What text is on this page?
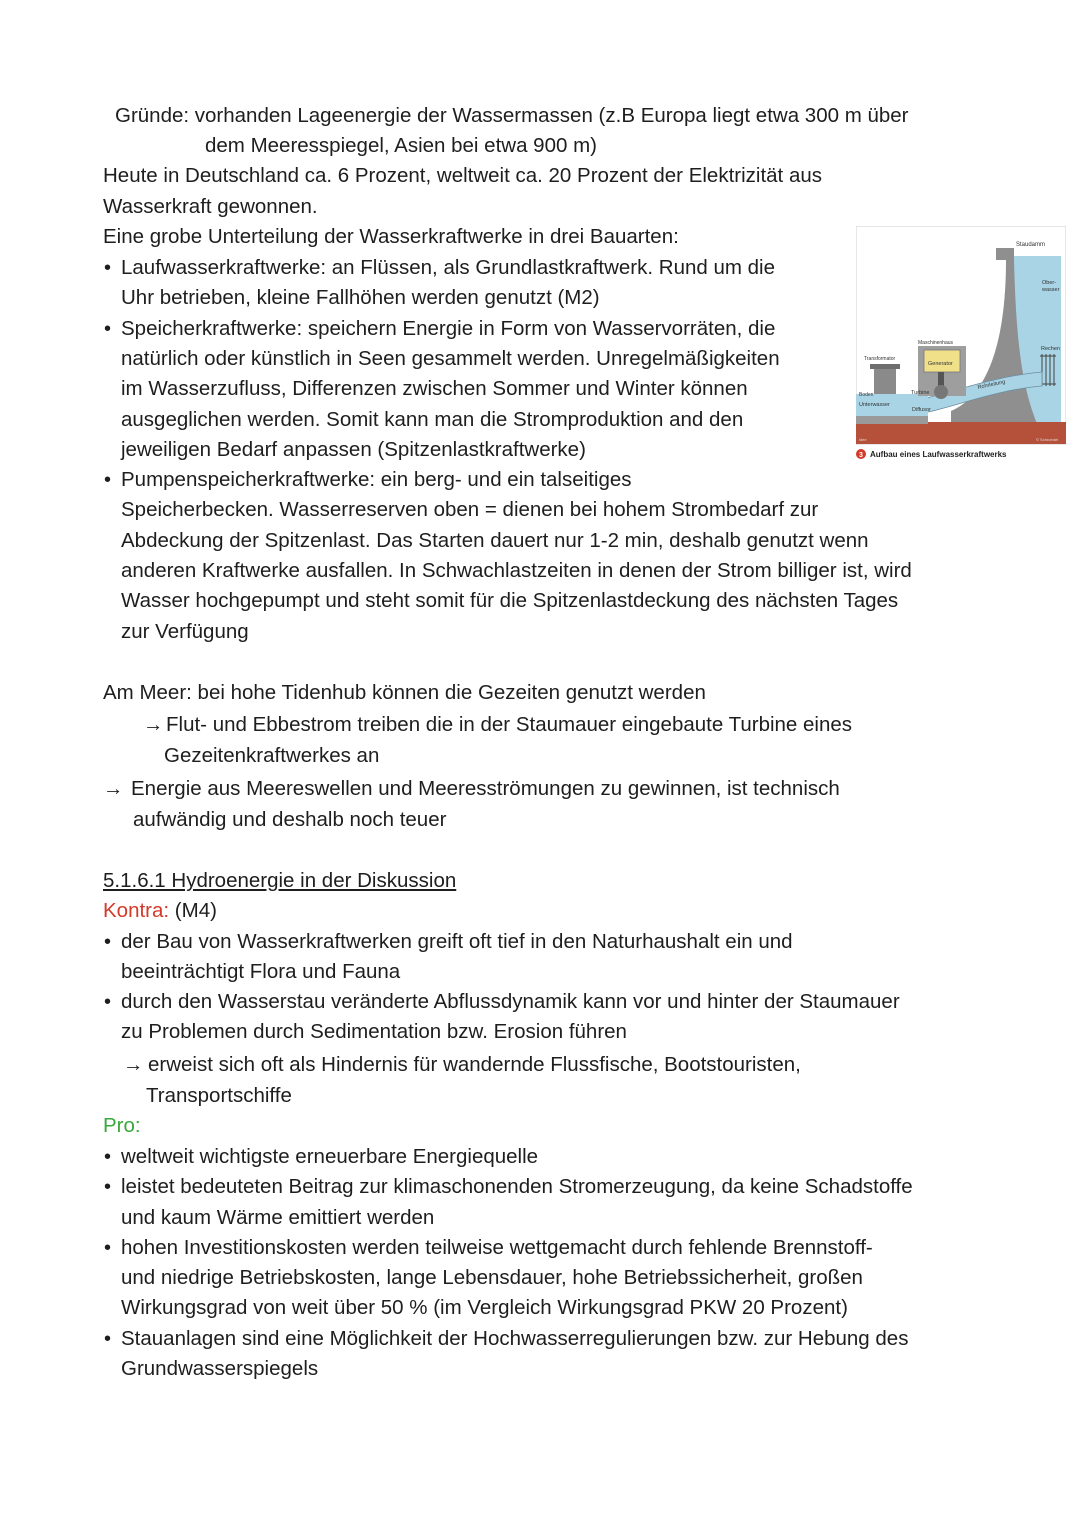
Gründe: vorhanden Lageenergie der Wassermassen (z.B Europa liegt etwa 300 m über
dem Meeresspiegel, Asien bei etwa 900 m)
Heute in Deutschland ca. 6 Prozent, weltweit ca. 20 Prozent der Elektrizität aus
Wasserkraft gewonnen.
Eine grobe Unterteilung der Wasserkraftwerke in drei Bauarten:
• Laufwasserkraftwerke: an Flüssen, als Grundlastkraftwerk. Rund um die
Uhr betrieben, kleine Fallhöhen werden genutzt (M2)
• Speicherkraftwerke: speichern Energie in Form von Wasservorräten, die
natürlich oder künstlich in Seen gesammelt werden. Unregelmäßigkeiten
im Wasserzufluss, Differenzen zwischen Sommer und Winter können
ausgeglichen werden. Somit kann man die Stromproduktion and den
jeweiligen Bedarf anpassen (Spitzenlastkraftwerke)
• Pumpenspeicherkraftwerke: ein berg- und ein talseitiges
Speicherbecken. Wasserreserven oben = dienen bei hohem Strombedarf zur
Abdeckung der Spitzenlast. Das Starten dauert nur 1-2 min, deshalb genutzt wenn
anderen Kraftwerke ausfallen. In Schwachlastzeiten in denen der Strom billiger ist, wird
Wasser hochgepumpt und steht somit für die Spitzenlastdeckung des nächsten Tages
zur Verfügung
Staudamm
Ober-
wasser
Maschinenhaus
Transformator
Generator
Rechen
Rohrleitung
Turbine
Boden
Unterwasser
Diffusor
ldee	© Schroedel
3 Aufbau eines Laufwasserkraftwerks
Am Meer: bei hohe Tidenhub können die Gezeiten genutzt werden
→ Flut- und Ebbestrom treiben die in der Staumauer eingebaute Turbine eines
Gezeitenkraftwerkes an
→ Energie aus Meereswellen und Meeresströmungen zu gewinnen, ist technisch
aufwändig und deshalb noch teuer
5.1.6.1 Hydroenergie in der Diskussion
Kontra: (M4)
• der Bau von Wasserkraftwerken greift oft tief in den Naturhaushalt ein und
beeinträchtigt Flora und Fauna
• durch den Wasserstau veränderte Abflussdynamik kann vor und hinter der Staumauer
zu Problemen durch Sedimentation bzw. Erosion führen
→ erweist sich oft als Hindernis für wandernde Flussfische, Bootstouristen,
Transportschiffe
Pro:
• weltweit wichtigste erneuerbare Energiequelle
• leistet bedeuteten Beitrag zur klimaschonenden Stromerzeugung, da keine Schadstoffe
und kaum Wärme emittiert werden
• hohen Investitionskosten werden teilweise wettgemacht durch fehlende Brennstoff-
und niedrige Betriebskosten, lange Lebensdauer, hohe Betriebssicherheit, großen
Wirkungsgrad von weit über 50 % (im Vergleich Wirkungsgrad PKW 20 Prozent)
• Stauanlagen sind eine Möglichkeit der Hochwasserregulierungen bzw. zur Hebung des
Grundwasserspiegels
